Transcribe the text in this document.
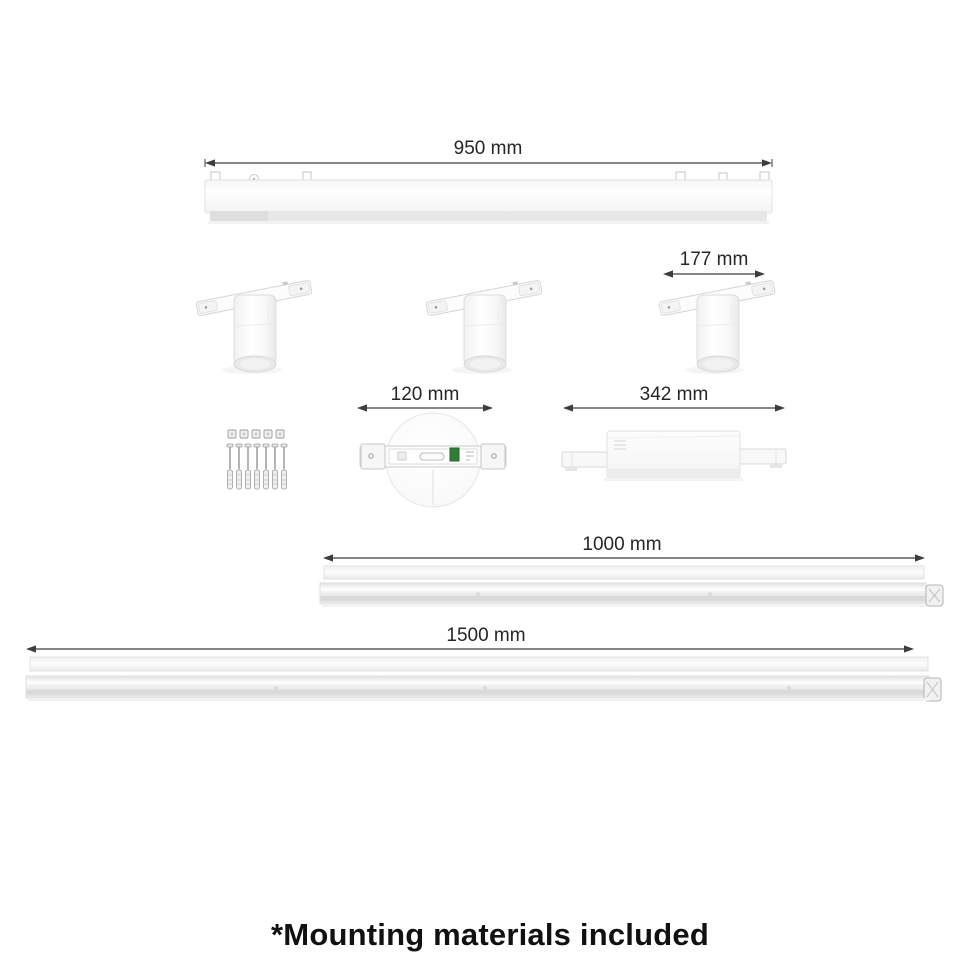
950 mm
177 mm
120 mm	342 mm
1000 mm
1500 mm
*Mounting materials included
